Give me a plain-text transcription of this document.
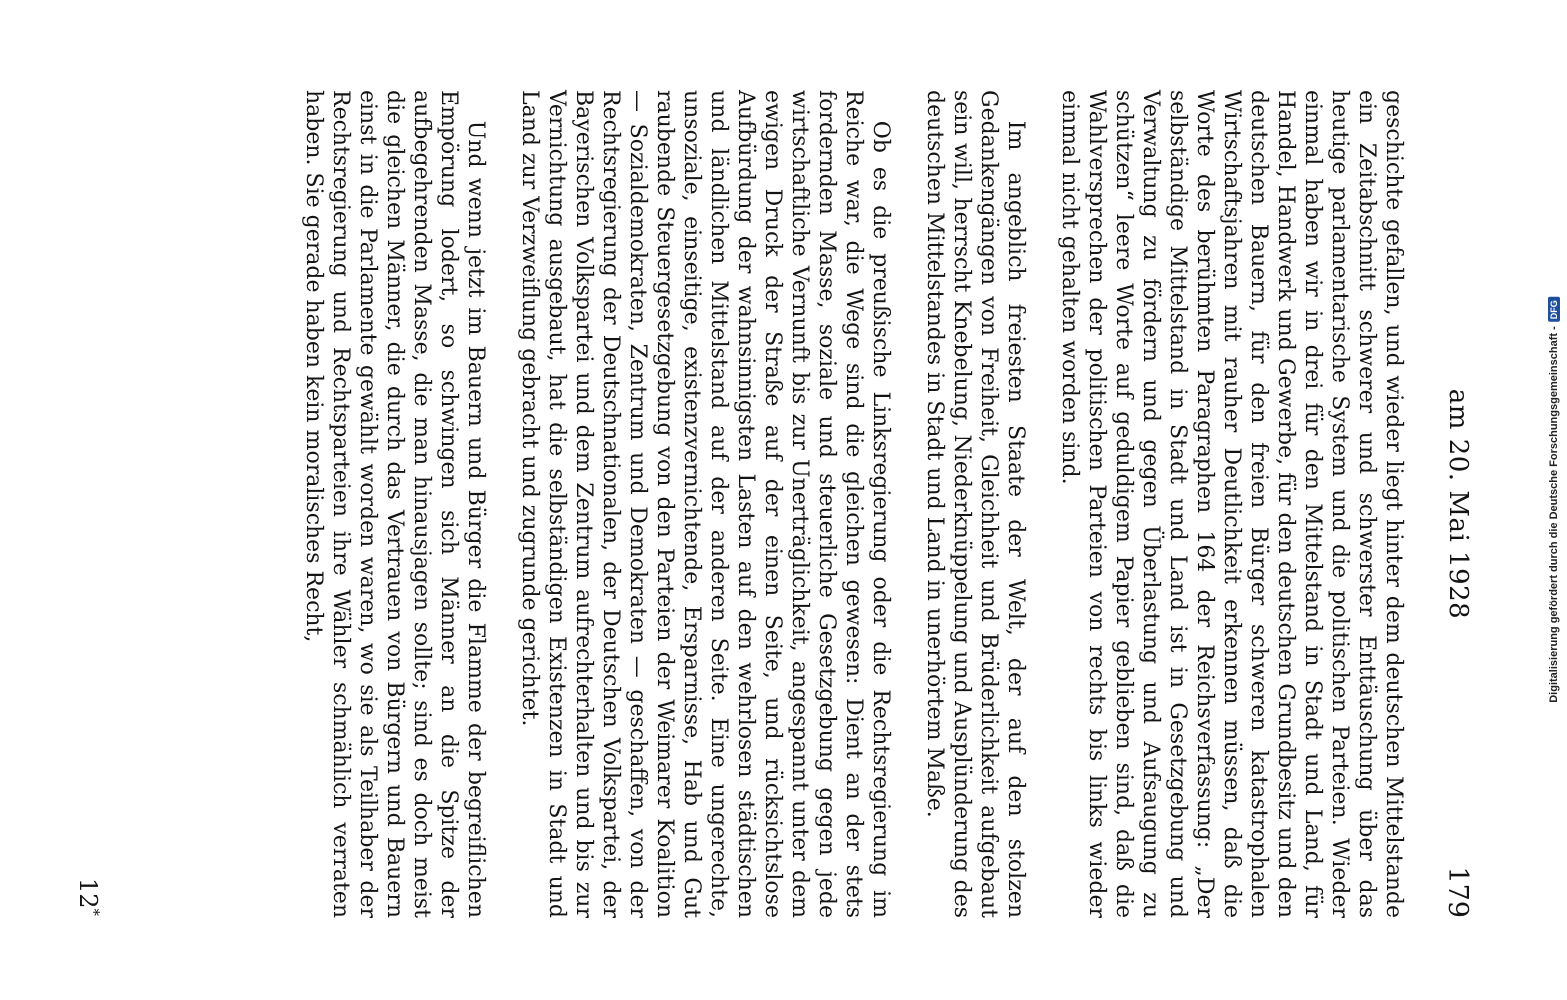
am 20. Mai 1928
179

geschichte gefallen, und wieder liegt hinter dem deutschen Mittelstande ein Zeitabschnitt schwerer und schwerster Enttäuschung über das heutige parlamentarische System und die politischen Parteien. Wieder einmal haben wir in drei für den Mittelstand in Stadt und Land, für Handel, Handwerk und Gewerbe, für den deutschen Grundbesitz und den deutschen Bauern, für den freien Bürger schweren katastrophalen Wirtschaftsjahren mit rauher Deutlichkeit erkennen müssen, daß die Worte des berühmten Paragraphen 164 der Reichsverfassung: „Der selbständige Mittelstand in Stadt und Land ist in Gesetzgebung und Verwaltung zu fördern und gegen Überlastung und Aufsaugung zu schützen“ leere Worte auf geduldigem Papier geblieben sind, daß die Wahlversprechen der politischen Parteien von rechts bis links wieder einmal nicht gehalten worden sind.

Im angeblich freiesten Staate der Welt, der auf den stolzen Gedankengängen von Freiheit, Gleichheit und Brüderlichkeit aufgebaut sein will, herrscht Knebelung, Niederknüppelung und Ausplünderung des deutschen Mittelstandes in Stadt und Land in unerhörtem Maße.

Ob es die preußische Linksregierung oder die Rechtsregierung im Reiche war, die Wege sind die gleichen gewesen: Dient an der stets fordernden Masse, soziale und steuerliche Gesetzgebung gegen jede wirtschaftliche Vernunft bis zur Unerträglichkeit, angespannt unter dem ewigen Druck der Straße auf der einen Seite, und rücksichtslose Aufbürdung der wahnsinnigsten Lasten auf den wehrlosen städtischen und ländlichen Mittelstand auf der anderen Seite. Eine ungerechte, unsoziale, einseitige, existenzvernichtende, Ersparnisse, Hab und Gut raubende Steuergesetzgebung von den Parteien der Weimarer Koalition — Sozialdemokraten, Zentrum und Demokraten — geschaffen, von der Rechtsregierung der Deutschnationalen, der Deutschen Volkspartei, der Bayerischen Volkspartei und dem Zentrum aufrechterhalten und bis zur Vernichtung ausgebaut, hat die selbständigen Existenzen in Stadt und Land zur Verzweiflung gebracht und zugrunde gerichtet.

Und wenn jetzt im Bauern und Bürger die Flamme der begreiflichen Empörung lodert, so schwingen sich Männer an die Spitze der aufbegehrenden Masse, die man hinausjagen sollte; sind es doch meist die gleichen Männer, die durch das Vertrauen von Bürgern und Bauern einst in die Parlamente gewählt worden waren, wo sie als Teilhaber der Rechtsregierung und Rechtsparteien ihre Wähler schmählich verraten haben. Sie gerade haben kein moralisches Recht,

12*
Digitalisierung gefördert durch die Deutsche Forschungsgemeinschaft -
DFG
